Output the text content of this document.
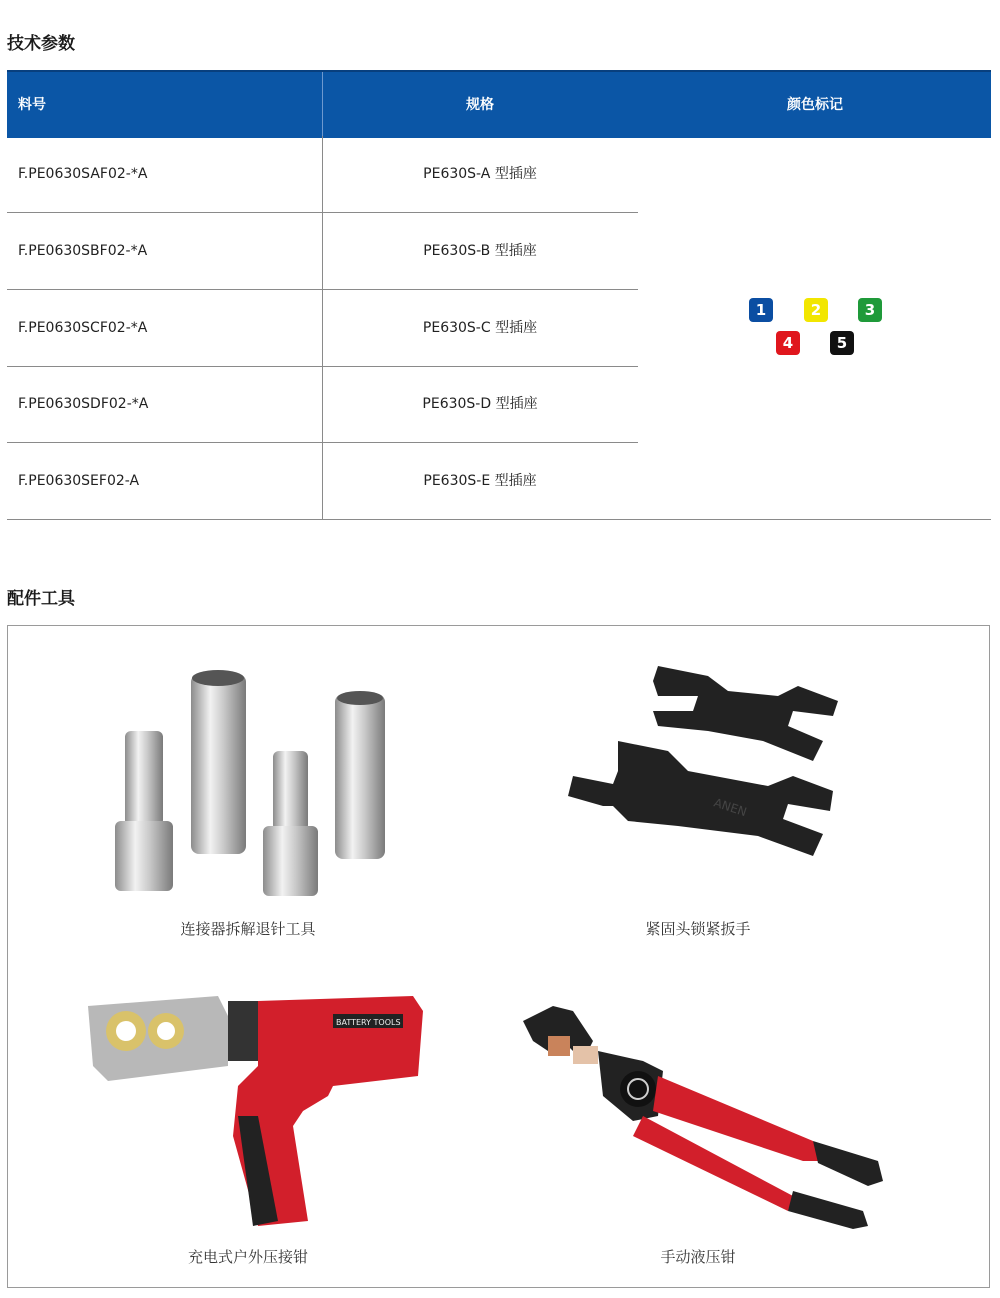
技术参数
料号	规格	颜色标记
F.PE0630SAF02-*A	PE630S-A 型插座
F.PE0630SBF02-*A	PE630S-B 型插座
F.PE0630SCF02-*A	PE630S-C 型插座
F.PE0630SDF02-*A	PE630S-D 型插座
F.PE0630SEF02-A	PE630S-E 型插座
1	2	3
4	5
配件工具
连接器拆解退针工具
ANEN
紧固头锁紧扳手
BATTERY TOOLS
充电式户外压接钳	手动液压钳
